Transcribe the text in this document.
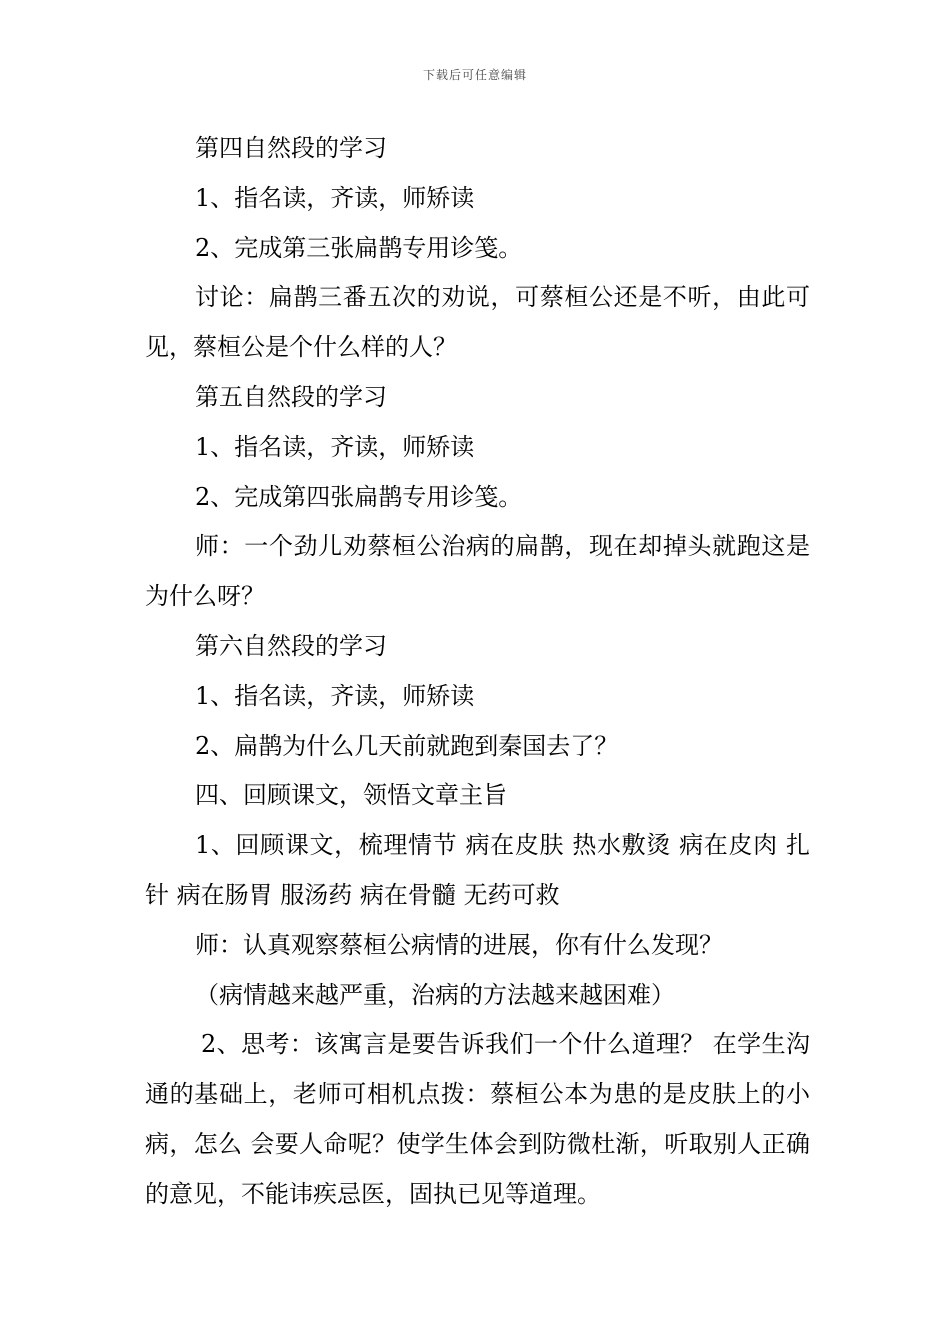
下载后可任意编辑

第四自然段的学习

1、指名读，齐读，师矫读

2、完成第三张扁鹊专用诊笺。

讨论：扁鹊三番五次的劝说，可蔡桓公还是不听，由此可见，蔡桓公是个什么样的人？

第五自然段的学习

1、指名读，齐读，师矫读

2、完成第四张扁鹊专用诊笺。

师：一个劲儿劝蔡桓公治病的扁鹊，现在却掉头就跑这是为什么呀？

第六自然段的学习

1、指名读，齐读，师矫读

2、扁鹊为什么几天前就跑到秦国去了？

四、回顾课文，领悟文章主旨

1、回顾课文，梳理情节 病在皮肤 热水敷烫 病在皮肉 扎针 病在肠胃 服汤药 病在骨髓 无药可救

师：认真观察蔡桓公病情的进展，你有什么发现？

（病情越来越严重，治病的方法越来越困难）

2、思考：该寓言是要告诉我们一个什么道理？ 在学生沟通的基础上，老师可相机点拨：蔡桓公本为患的是皮肤上的小病，怎么 会要人命呢？使学生体会到防微杜渐，听取别人正确的意见，不能讳疾忌医，固执已见等道理。
